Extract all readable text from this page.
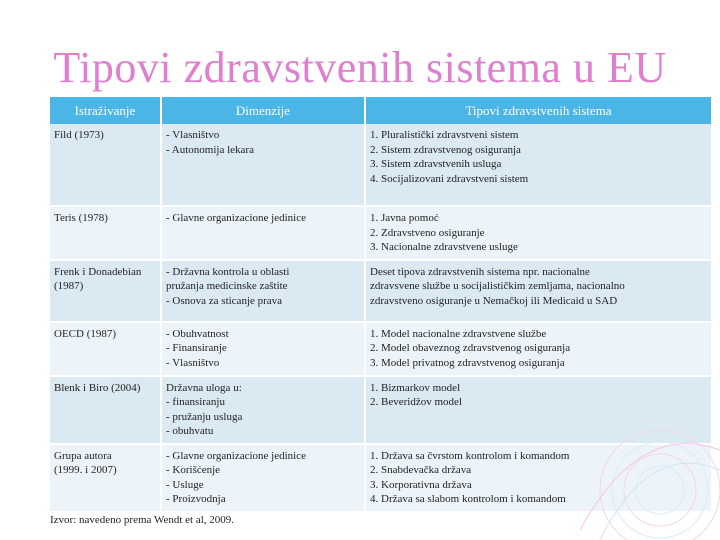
Tipovi zdravstvenih sistema u EU
Istraživanje	Dimenzije	Tipovi zdravstvenih sistema

Fild (1973)	- Vlasništvo
- Autonomija lekara	1. Pluralistički zdravstveni sistem
2. Sistem zdravstvenog osiguranja
3. Sistem zdravstvenih usluga
4. Socijalizovani zdravstveni sistem

Teris (1978)	- Glavne organizacione jedinice	1. Javna pomoć
2. Zdravstveno osiguranje
3. Nacionalne zdravstvene usluge

Frenk i Donadebian
(1987)	- Državna kontrola u oblasti
pružanja medicinske zaštite
- Osnova za sticanje prava	Deset tipova zdravstvenih sistema npr. nacionalne
zdravsvene službe u socijalističkim zemljama, nacionalno
zdravstveno osiguranje u Nemačkoj ili Medicaid u SAD

OECD (1987)	- Obuhvatnost
- Finansiranje
- Vlasništvo	1. Model nacionalne zdravstvene službe
2. Model obaveznog zdravstvenog osiguranja
3. Model privatnog zdravstvenog osiguranja

Blenk i Biro (2004)	Državna uloga u:
- finansiranju
- pružanju usluga
- obuhvatu	1. Bizmarkov model
2. Beveridžov model

Grupa autora
(1999. i 2007)	- Glavne organizacione jedinice
- Korišćenje
- Usluge
- Proizvodnja	1. Država sa čvrstom kontrolom i komandom
2. Snabdevačka država
3. Korporativna država
4. Država sa slabom kontrolom i komandom
Izvor: navedeno prema Wendt et al, 2009.
